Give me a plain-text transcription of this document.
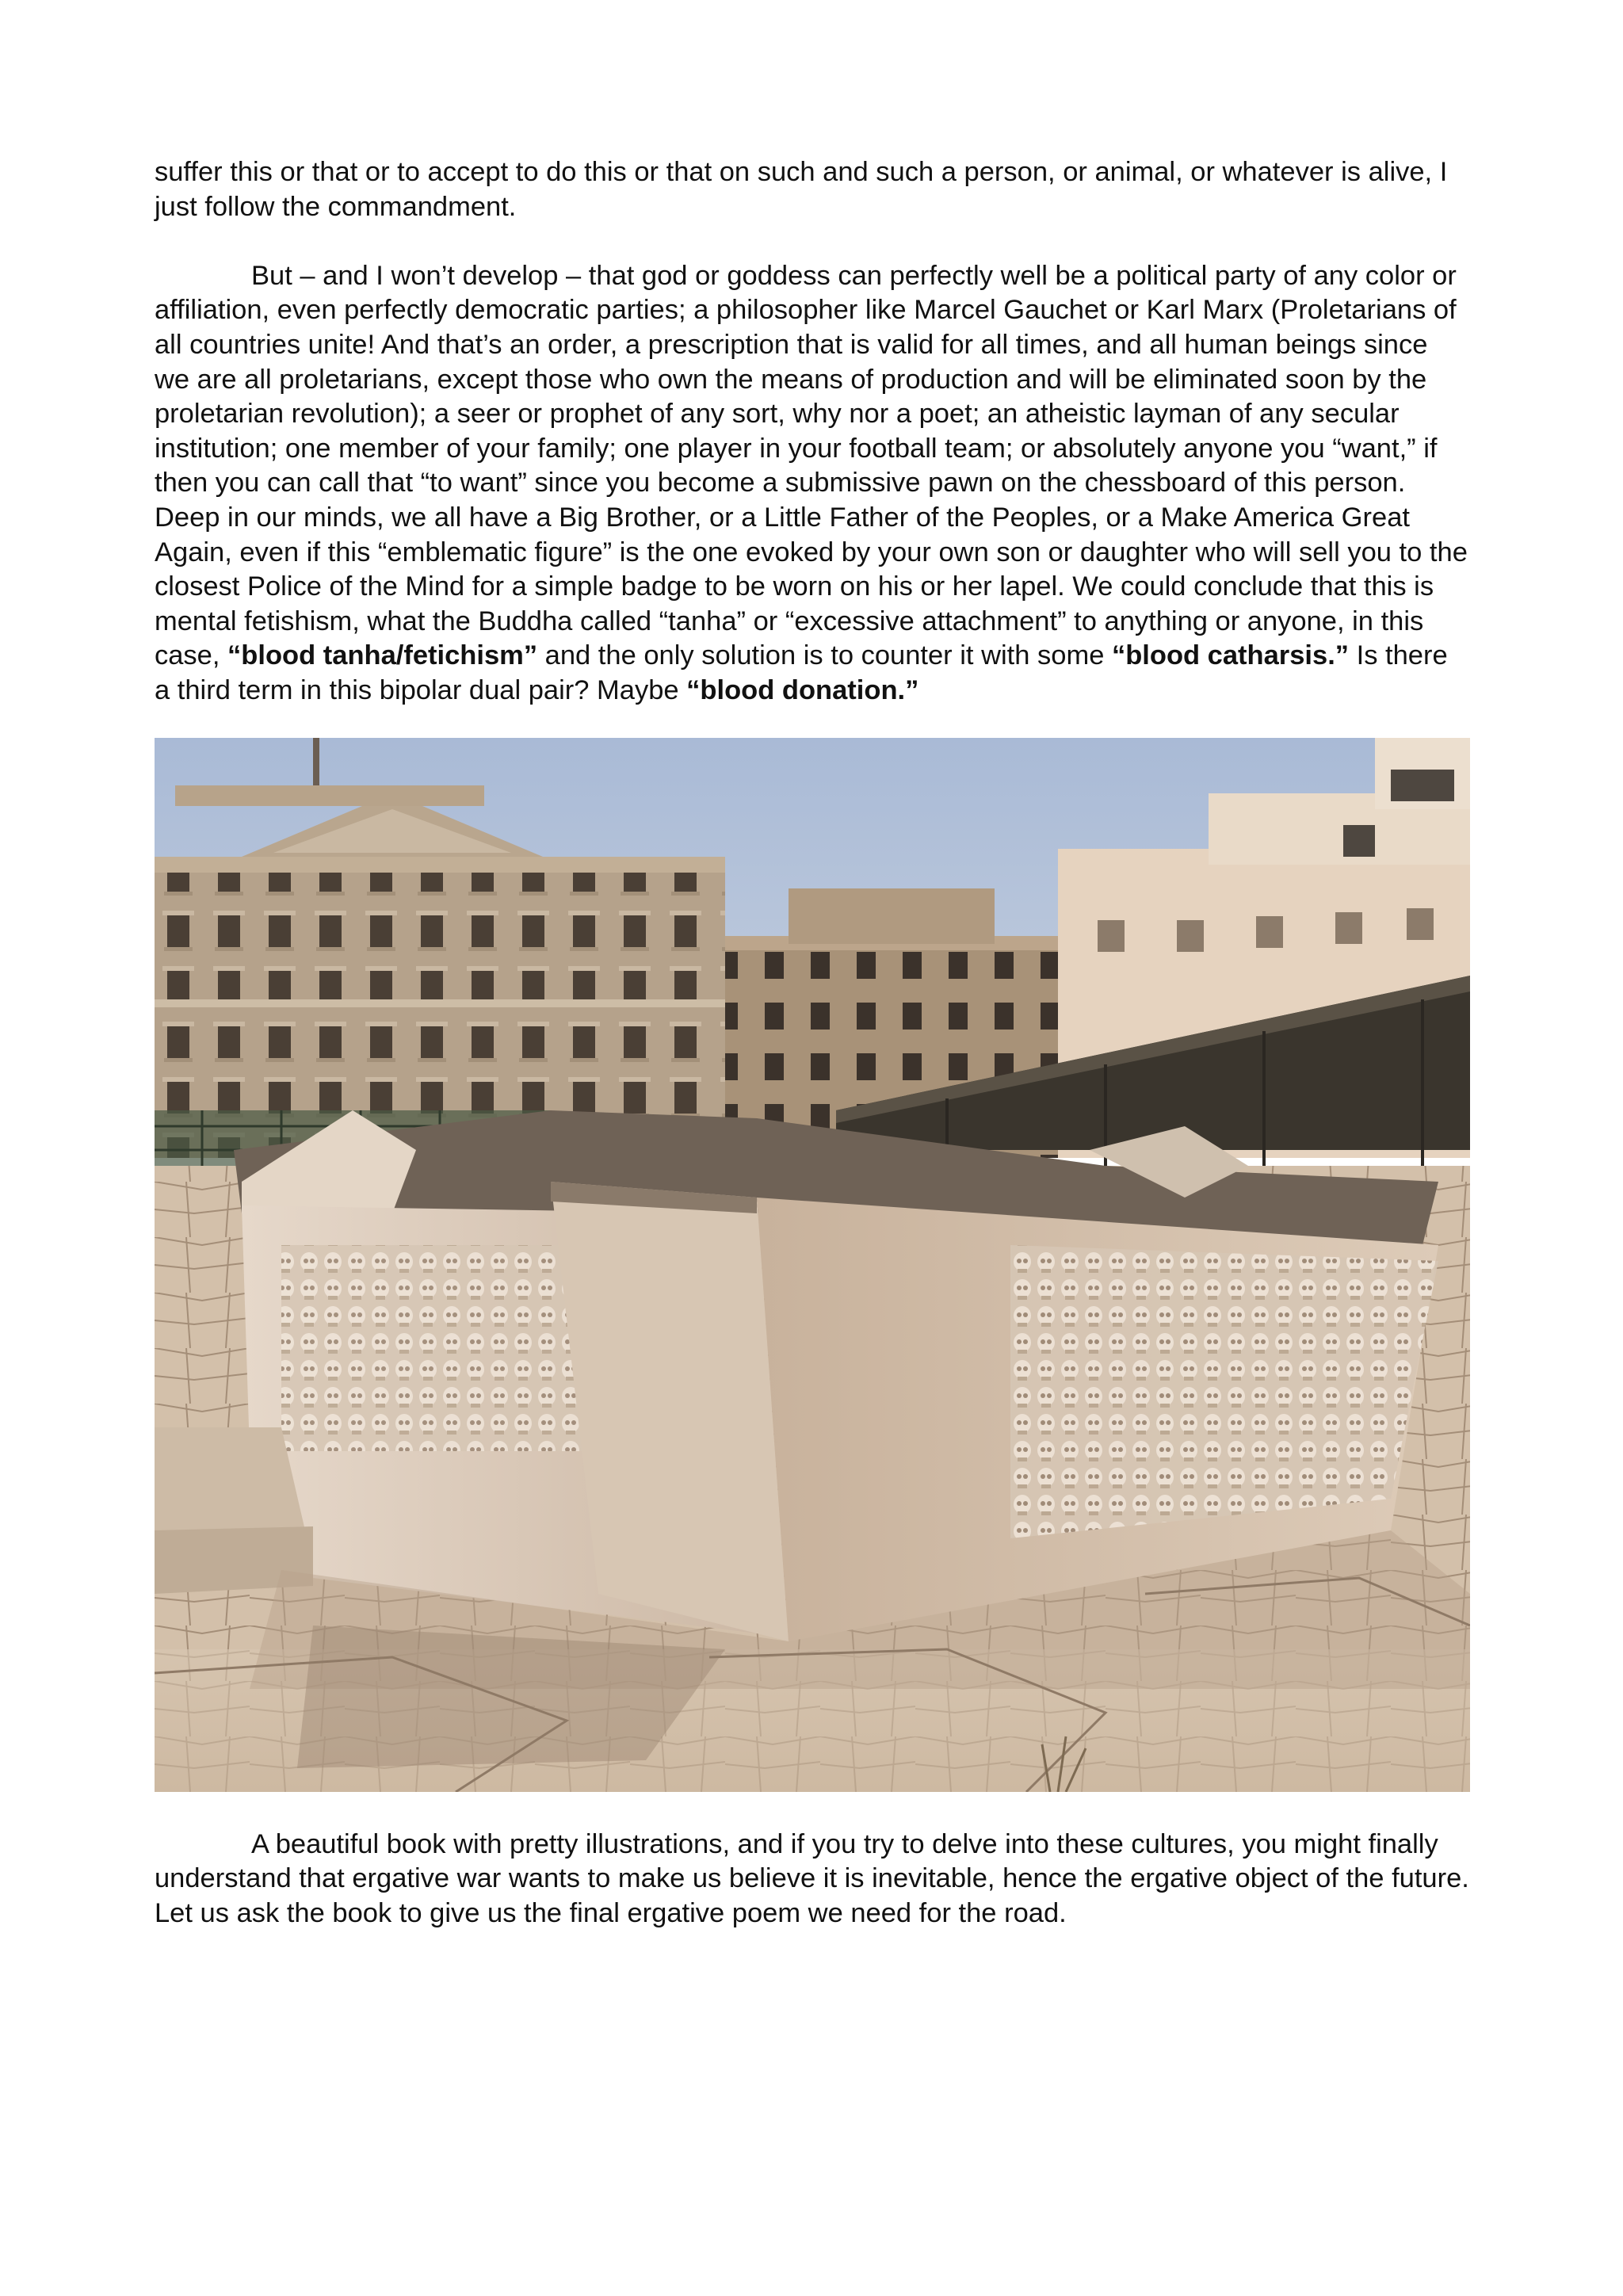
suffer this or that or to accept to do this or that on such and such a person, or animal, or whatever is alive, I just follow the commandment.

But – and I won’t develop – that god or goddess can perfectly well be a political party of any color or affiliation, even perfectly democratic parties; a philosopher like Marcel Gauchet or Karl Marx (Proletarians of all countries unite! And that’s an order, a prescription that is valid for all times, and all human beings since we are all proletarians, except those who own the means of production and will be eliminated soon by the proletarian revolution); a seer or prophet of any sort, why nor a poet; an atheistic layman of any secular institution; one member of your family; one player in your football team; or absolutely anyone you “want,” if then you can call that “to want” since you become a submissive pawn on the chessboard of this person. Deep in our minds, we all have a Big Brother, or a Little Father of the Peoples, or a Make America Great Again, even if this “emblematic figure” is the one evoked by your own son or daughter who will sell you to the closest Police of the Mind for a simple badge to be worn on his or her lapel. We could conclude that this is mental fetishism, what the Buddha called “tanha” or “excessive attachment” to anything or anyone, in this case, “blood tanha/fetichism” and the only solution is to counter it with some “blood catharsis.” Is there a third term in this bipolar dual pair? Maybe “blood donation.”

A beautiful book with pretty illustrations, and if you try to delve into these cultures, you might finally understand that ergative war wants to make us believe it is inevitable, hence the ergative object of the future. Let us ask the book to give us the final ergative poem we need for the road.
